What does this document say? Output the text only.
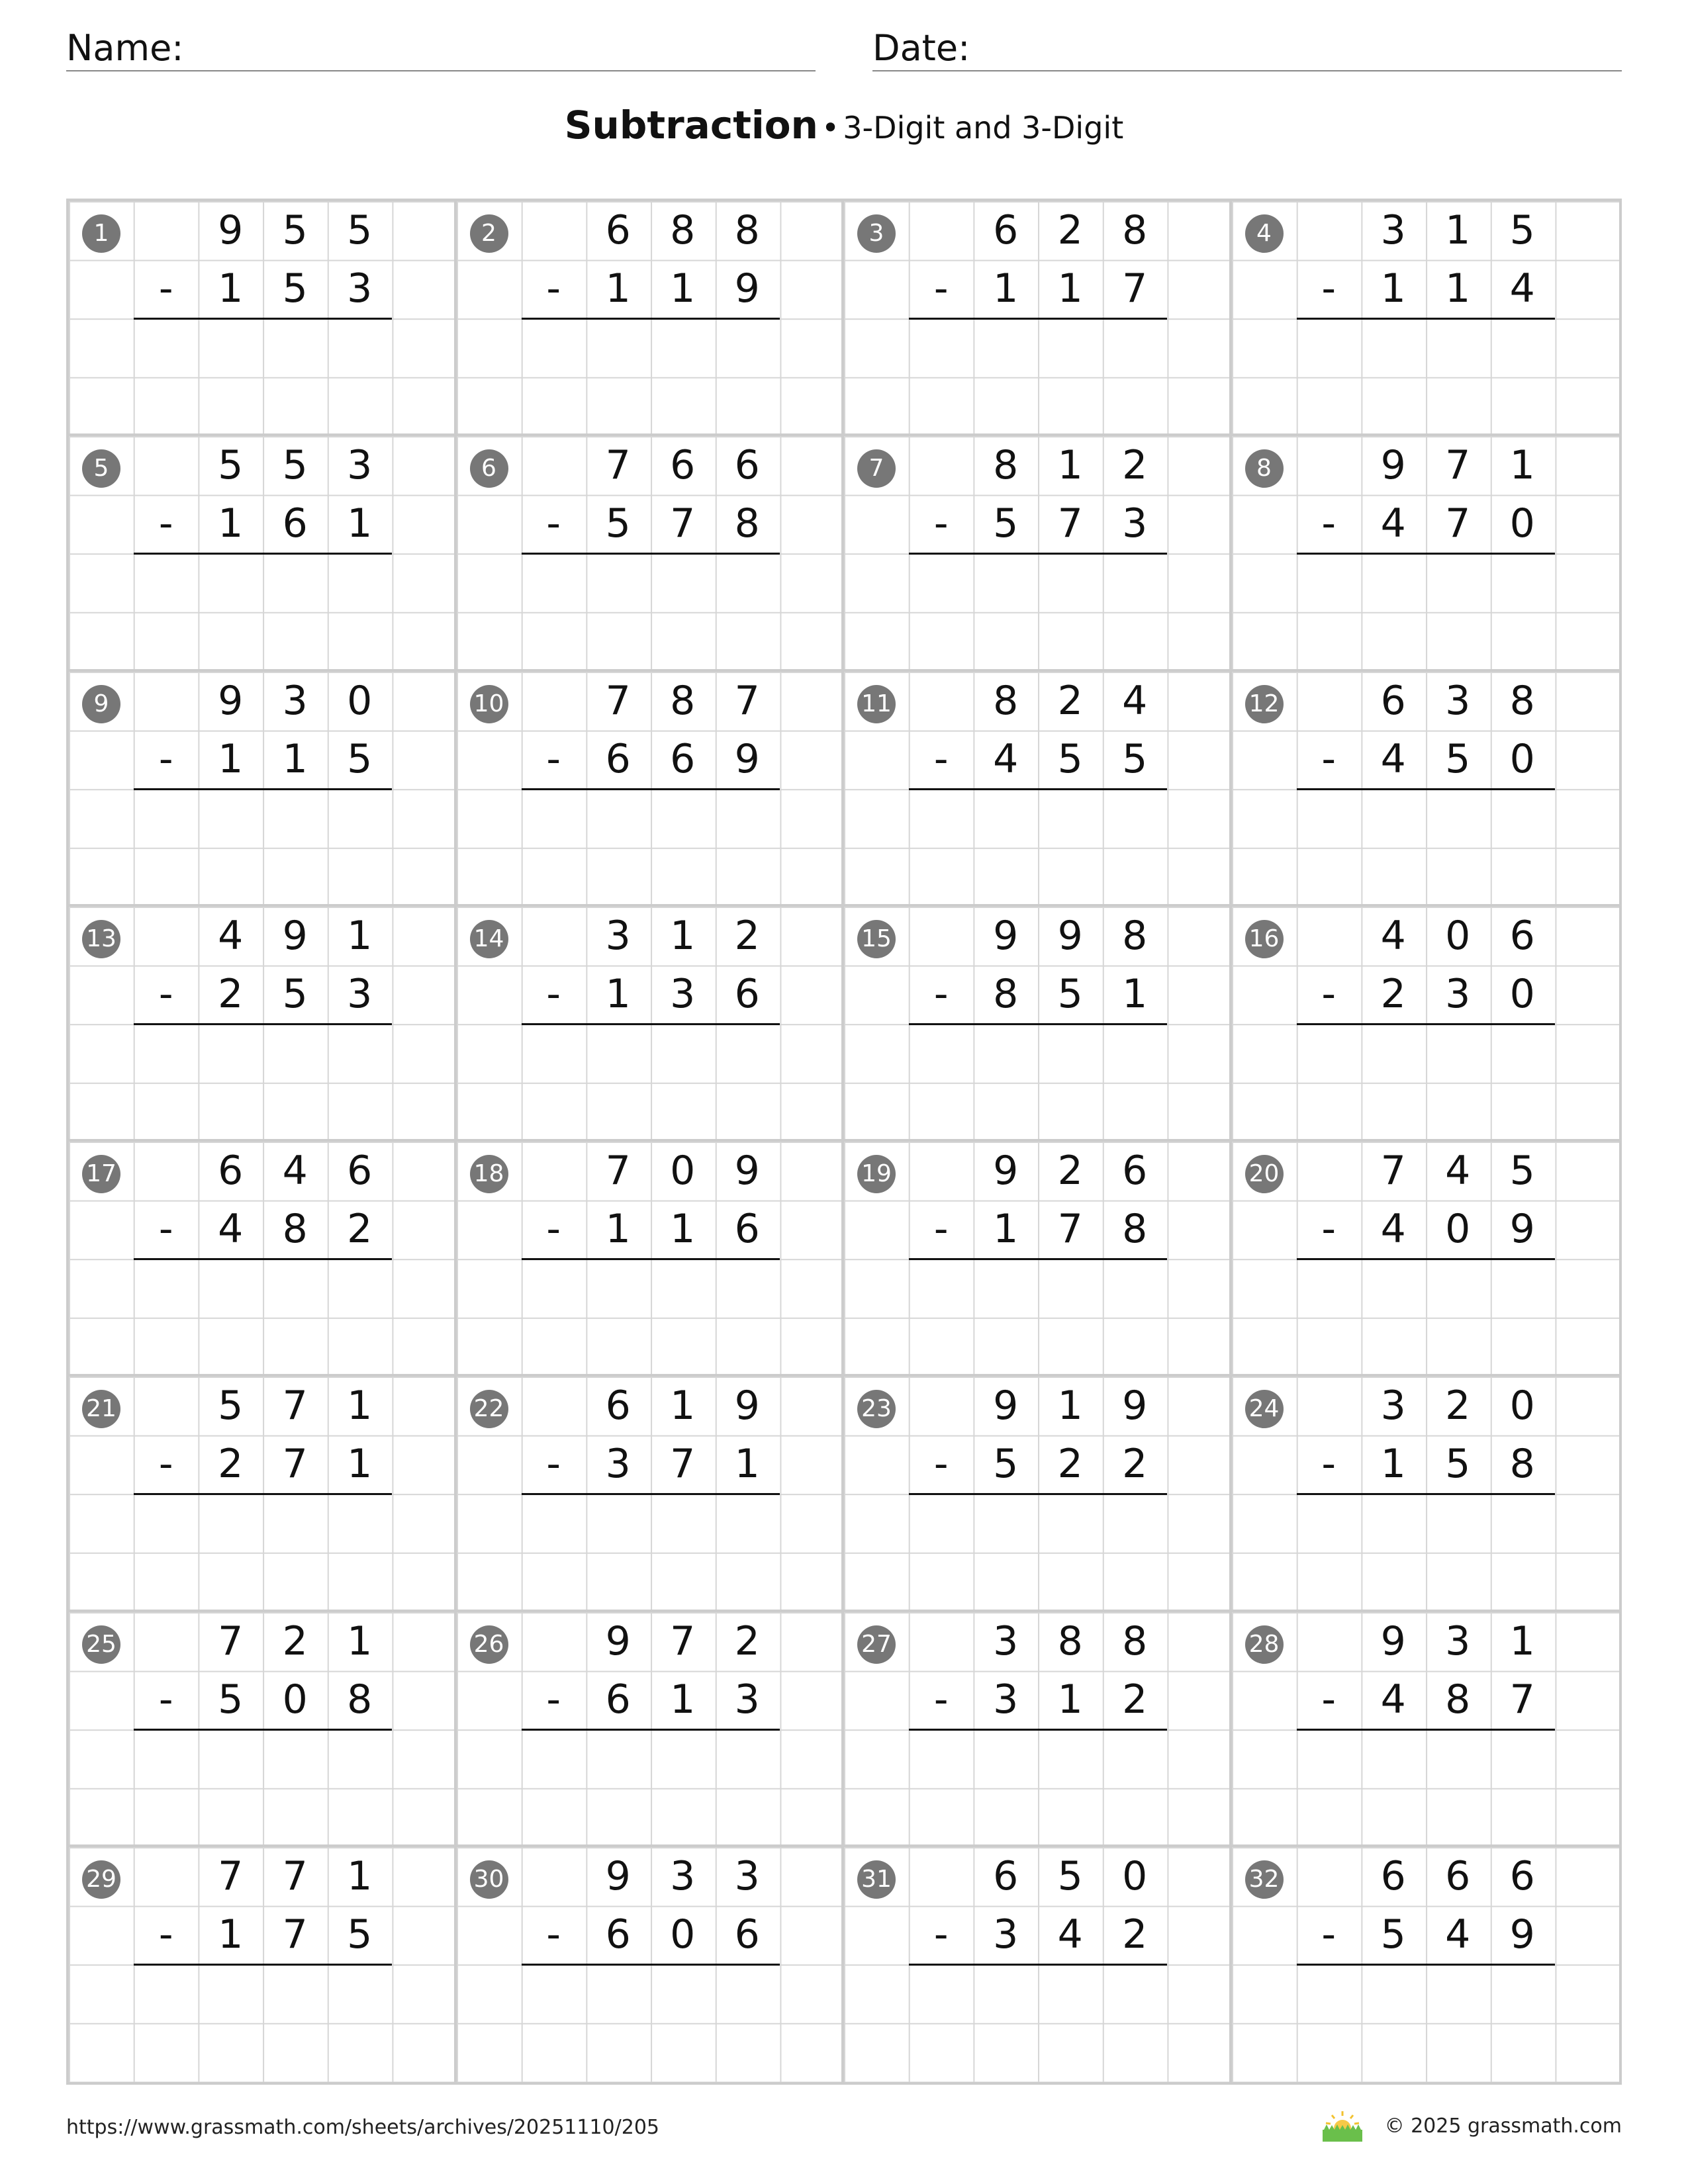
Name:	Date:
Subtraction • 3-Digit and 3-Digit
1	9 5 5
-	1 5 3
2	6 8 8
-	1 1 9
3	6 2 8
-	1 1 7
4	3 1 5
-	1 1 4
5	5 5 3
-	1 6 1
6	7 6 6
-	5 7 8
7	8 1 2
-	5 7 3
8	9 7 1
-	4 7 0
9	9 3 0
-	1 1 5
10	7 8 7
-	6 6 9
11	8 2 4
-	4 5 5
12	6 3 8
-	4 5 0
13	4 9 1
-	2 5 3
14	3 1 2
-	1 3 6
15	9 9 8
-	8 5 1
16	4 0 6
-	2 3 0
17	6 4 6
-	4 8 2
18	7 0 9
-	1 1 6
19	9 2 6
-	1 7 8
20	7 4 5
-	4 0 9
21	5 7 1
-	2 7 1
22	6 1 9
-	3 7 1
23	9 1 9
-	5 2 2
24	3 2 0
-	1 5 8
25	7 2 1
-	5 0 8
26	9 7 2
-	6 1 3
27	3 8 8
-	3 1 2
28	9 3 1
-	4 8 7
29	7 7 1
-	1 7 5
30	9 3 3
-	6 0 6
31	6 5 0
-	3 4 2
32	6 6 6
-	5 4 9
https://www.grassmath.com/sheets/archives/20251110/205	© 2025 grassmath.com
